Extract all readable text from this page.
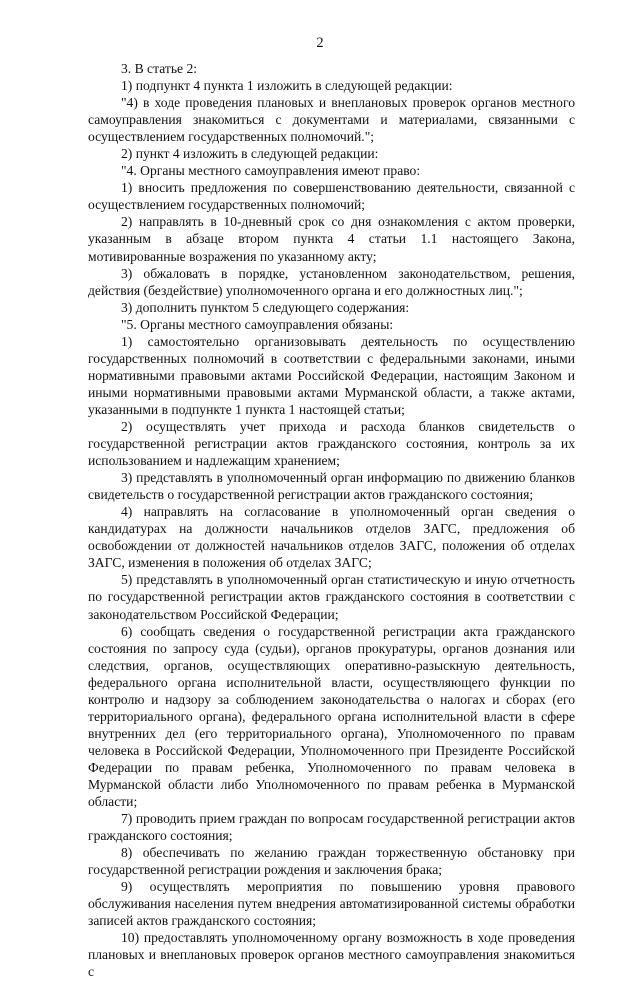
2

3. В статье 2:

1) подпункт 4 пункта 1 изложить в следующей редакции:

"4) в ходе проведения плановых и внеплановых проверок органов местного самоуправления знакомиться с документами и материалами, связанными с осуществлением государственных полномочий.";

2) пункт 4 изложить в следующей редакции:

"4. Органы местного самоуправления имеют право:

1) вносить предложения по совершенствованию деятельности, связанной с осуществлением государственных полномочий;

2) направлять в 10-дневный срок со дня ознакомления с актом проверки, указанным в абзаце втором пункта 4 статьи 1.1 настоящего Закона, мотивированные возражения по указанному акту;

3) обжаловать в порядке, установленном законодательством, решения, действия (бездействие) уполномоченного органа и его должностных лиц.";

3) дополнить пунктом 5 следующего содержания:

"5. Органы местного самоуправления обязаны:

1) самостоятельно организовывать деятельность по осуществлению государственных полномочий в соответствии с федеральными законами, иными нормативными правовыми актами Российской Федерации, настоящим Законом и иными нормативными правовыми актами Мурманской области, а также актами, указанными в подпункте 1 пункта 1 настоящей статьи;

2) осуществлять учет прихода и расхода бланков свидетельств о государственной регистрации актов гражданского состояния, контроль за их использованием и надлежащим хранением;

3) представлять в уполномоченный орган информацию по движению бланков свидетельств о государственной регистрации актов гражданского состояния;

4) направлять на согласование в уполномоченный орган сведения о кандидатурах на должности начальников отделов ЗАГС, предложения об освобождении от должностей начальников отделов ЗАГС, положения об отделах ЗАГС, изменения в положения об отделах ЗАГС;

5) представлять в уполномоченный орган статистическую и иную отчетность по государственной регистрации актов гражданского состояния в соответствии с законодательством Российской Федерации;

6) сообщать сведения о государственной регистрации акта гражданского состояния по запросу суда (судьи), органов прокуратуры, органов дознания или следствия, органов, осуществляющих оперативно-разыскную деятельность, федерального органа исполнительной власти, осуществляющего функции по контролю и надзору за соблюдением законодательства о налогах и сборах (его территориального органа), федерального органа исполнительной власти в сфере внутренних дел (его территориального органа), Уполномоченного по правам человека в Российской Федерации, Уполномоченного при Президенте Российской Федерации по правам ребенка, Уполномоченного по правам человека в Мурманской области либо Уполномоченного по правам ребенка в Мурманской области;

7) проводить прием граждан по вопросам государственной регистрации актов гражданского состояния;

8) обеспечивать по желанию граждан торжественную обстановку при государственной регистрации рождения и заключения брака;

9) осуществлять мероприятия по повышению уровня правового обслуживания населения путем внедрения автоматизированной системы обработки записей актов гражданского состояния;

10) предоставлять уполномоченному органу возможность в ходе проведения плановых и внеплановых проверок органов местного самоуправления знакомиться с
